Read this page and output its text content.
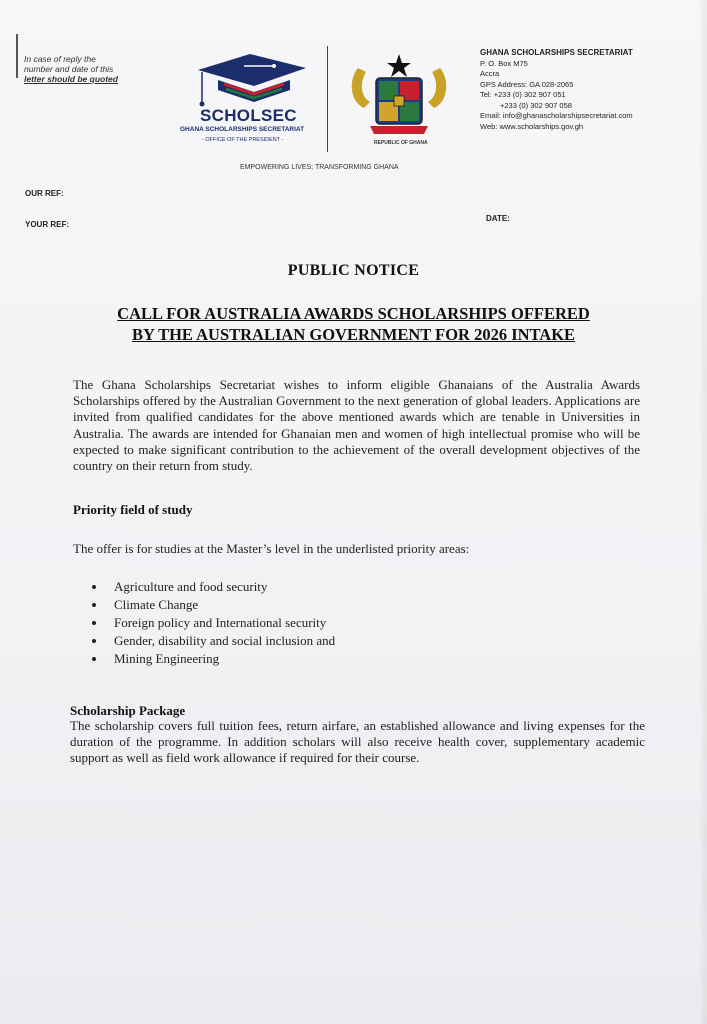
In case of reply the
number and date of this
letter should be quoted
SCHOLSEC
GHANA SCHOLARSHIPS SECRETARIAT
- OFFICE OF THE PRESIDENT -	REPUBLIC OF GHANA
GHANA SCHOLARSHIPS SECRETARIAT
P. O. Box M75
Accra
GPS Address: GA 028-2065
Tel: +233 (0) 302 907 051
+233 (0) 302 907 058
Email: info@ghanascholarshipsecretariat.com
Web: www.scholarships.gov.gh
EMPOWERING LIVES; TRANSFORMING GHANA
OUR REF:
YOUR REF:
DATE:
PUBLIC NOTICE
CALL FOR AUSTRALIA AWARDS SCHOLARSHIPS OFFERED
BY THE AUSTRALIAN GOVERNMENT FOR 2026 INTAKE
The Ghana Scholarships Secretariat wishes to inform eligible Ghanaians of the Australia Awards Scholarships offered by the Australian Government to the next generation of global leaders. Applications are invited from qualified candidates for the above mentioned awards which are tenable in Universities in Australia. The awards are intended for Ghanaian men and women of high intellectual promise who will be expected to make significant contribution to the achievement of the overall development objectives of the country on their return from study.
Priority field of study
The offer is for studies at the Master’s level in the underlisted priority areas:
Agriculture and food security
Climate Change
Foreign policy and International security
Gender, disability and social inclusion and
Mining Engineering
Scholarship Package
The scholarship covers full tuition fees, return airfare, an established allowance and living expenses for the duration of the programme. In addition scholars will also receive health cover, supplementary academic support as well as field work allowance if required for their course.
